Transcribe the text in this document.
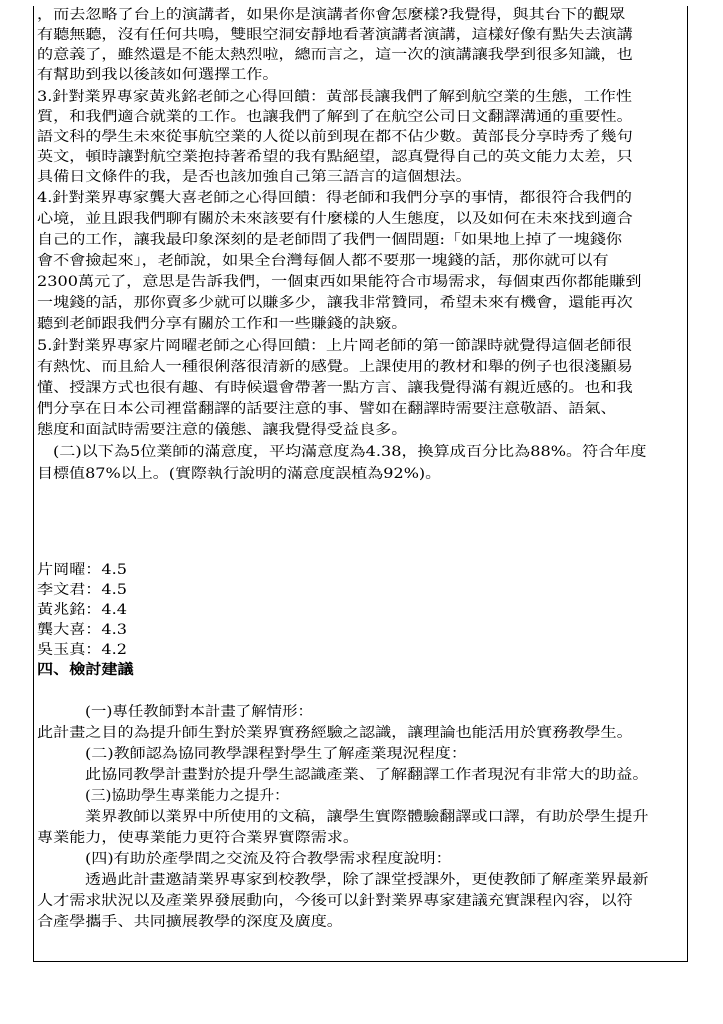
，而去忽略了台上的演講者，如果你是演講者你會怎麼樣?我覺得，與其台下的觀眾
有聽無聽，沒有任何共鳴，雙眼空洞安靜地看著演講者演講，這樣好像有點失去演講
的意義了，雖然還是不能太熱烈啦，總而言之，這一次的演講讓我學到很多知識，也
有幫助到我以後該如何選擇工作。
3.針對業界專家黃兆銘老師之心得回饋：黃部長讓我們了解到航空業的生態，工作性
質，和我們適合就業的工作。也讓我們了解到了在航空公司日文翻譯溝通的重要性。
語文科的學生未來從事航空業的人從以前到現在都不佔少數。黃部長分享時秀了幾句
英文，頓時讓對航空業抱持著希望的我有點絕望，認真覺得自己的英文能力太差，只
具備日文條件的我，是否也該加強自己第三語言的這個想法。
4.針對業界專家龔大喜老師之心得回饋：得老師和我們分享的事情，都很符合我們的
心境，並且跟我們聊有關於未來該要有什麼樣的人生態度，以及如何在未來找到適合
自己的工作，讓我最印象深刻的是老師問了我們一個問題:「如果地上掉了一塊錢你
會不會撿起來」，老師說，如果全台灣每個人都不要那一塊錢的話，那你就可以有
2300萬元了，意思是告訴我們，一個東西如果能符合市場需求，每個東西你都能賺到
一塊錢的話，那你賣多少就可以賺多少，讓我非常贊同，希望未來有機會，還能再次
聽到老師跟我們分享有關於工作和一些賺錢的訣竅。
5.針對業界專家片岡曜老師之心得回饋：上片岡老師的第一節課時就覺得這個老師很
有熱忱、而且給人一種很俐落很清新的感覺。上課使用的教材和舉的例子也很淺顯易
懂、授課方式也很有趣、有時候還會帶著一點方言、讓我覺得滿有親近感的。也和我
們分享在日本公司裡當翻譯的話要注意的事、譬如在翻譯時需要注意敬語、語氣、
態度和面試時需要注意的儀態、讓我覺得受益良多。
(二)以下為5位業師的滿意度，平均滿意度為4.38，換算成百分比為88%。符合年度
目標值87%以上。(實際執行說明的滿意度誤植為92%)。
片岡曜：4.5
李文君：4.5
黃兆銘：4.4
龔大喜：4.3
吳玉真：4.2
四、檢討建議
(一)專任教師對本計畫了解情形：
此計畫之目的為提升師生對於業界實務經驗之認識，讓理論也能活用於實務教學生。
(二)教師認為協同教學課程對學生了解產業現況程度：
此協同教學計畫對於提升學生認識產業、了解翻譯工作者現況有非常大的助益。
(三)協助學生專業能力之提升：
業界教師以業界中所使用的文稿，讓學生實際體驗翻譯或口譯，有助於學生提升
專業能力，使專業能力更符合業界實際需求。
(四)有助於產學間之交流及符合教學需求程度說明：
透過此計畫邀請業界專家到校教學，除了課堂授課外，更使教師了解產業界最新
人才需求狀況以及產業界發展動向，今後可以針對業界專家建議充實課程內容，以符
合產學攜手、共同擴展教學的深度及廣度。
